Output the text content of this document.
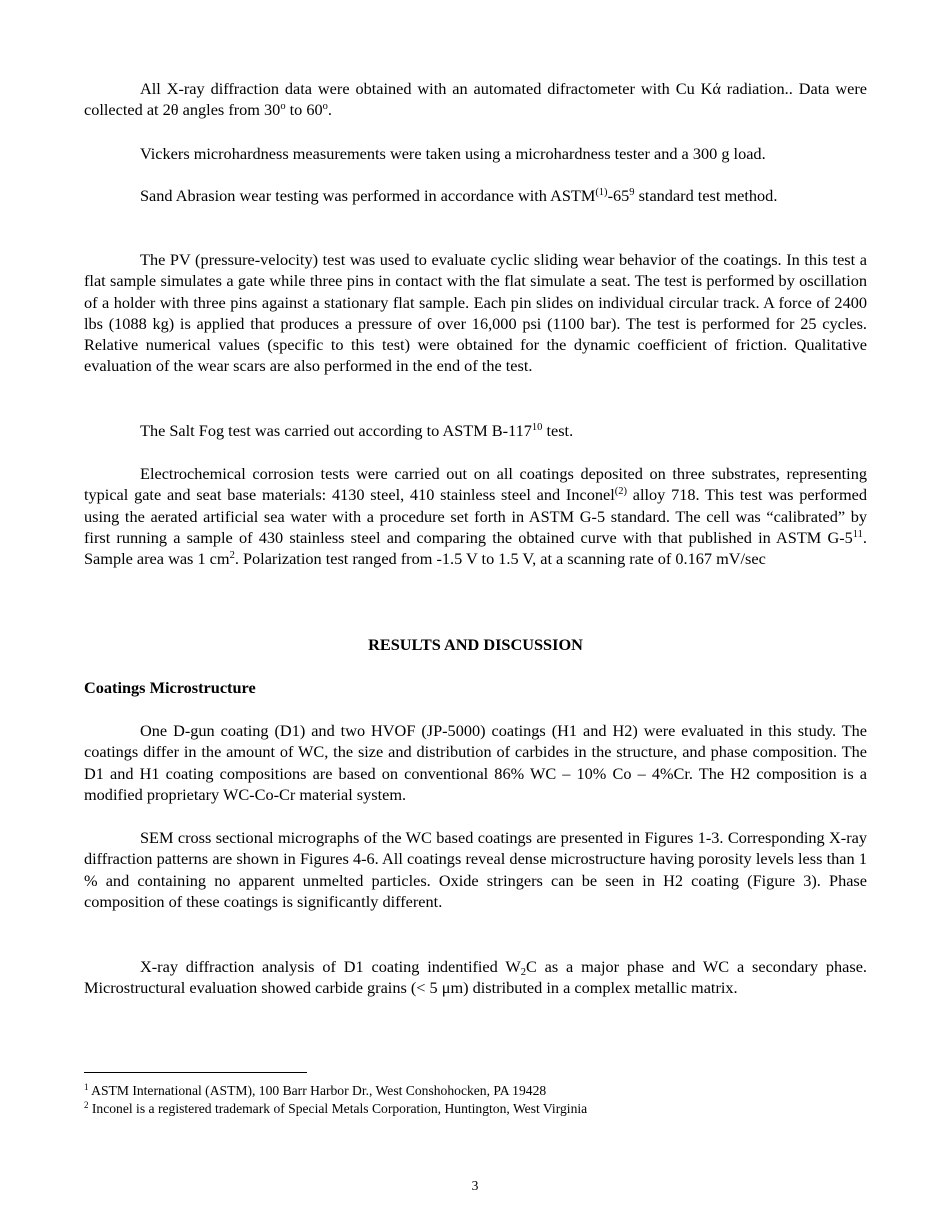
All X-ray diffraction data were obtained with an automated difractometer with Cu Kά radiation.. Data were collected at 2θ angles from 30$^o$ to 60$^o$.

Vickers microhardness measurements were taken using a microhardness tester and a 300 g load.

Sand Abrasion wear testing was performed in accordance with $ASTM^{(1)}-65^9$ standard test method.

The PV (pressure-velocity) test was used to evaluate cyclic sliding wear behavior of the coatings. In this test a flat sample simulates a gate while three pins in contact with the flat simulate a seat. The test is performed by oscillation of a holder with three pins against a stationary flat sample. Each pin slides on individual circular track. A force of 2400 lbs (1088 kg) is applied that produces a pressure of over 16,000 psi (1100 bar). The test is performed for 25 cycles. Relative numerical values (specific to this test) were obtained for the dynamic coefficient of friction. Qualitative evaluation of the wear scars are also performed in the end of the test.

The Salt Fog test was carried out according to ASTM $B-117^{10}$ test.

Electrochemical corrosion tests were carried out on all coatings deposited on three substrates, representing typical gate and seat base materials: 4130 steel, 410 stainless steel and Inconel$^{(2)}$ alloy 718. This test was performed using the aerated artificial sea water with a procedure set forth in ASTM G-5 standard. The cell was “calibrated” by first running a sample of 430 stainless steel and comparing the obtained curve with that published in ASTM $G-5^{11}$. Sample area was 1 $cm^2$. Polarization test ranged from -1.5 V to 1.5 V, at a scanning rate of 0.167 mV/sec

RESULTS AND DISCUSSION

Coatings Microstructure

One D-gun coating (D1) and two HVOF (JP-5000) coatings (H1 and H2) were evaluated in this study. The coatings differ in the amount of WC, the size and distribution of carbides in the structure, and phase composition. The D1 and H1 coating compositions are based on conventional 86% WC – 10% Co – 4%Cr. The H2 composition is a modified proprietary WC-Co-Cr material system.

SEM cross sectional micrographs of the WC based coatings are presented in Figures 1-3. Corresponding X-ray diffraction patterns are shown in Figures 4-6. All coatings reveal dense microstructure having porosity levels less than 1 % and containing no apparent unmelted particles. Oxide stringers can be seen in H2 coating (Figure 3). Phase composition of these coatings is significantly different.

X-ray diffraction analysis of D1 coating indentified $W_2C$ as a major phase and WC a secondary phase. Microstructural evaluation showed carbide grains (< 5 μm) distributed in a complex metallic matrix.

$^1$ ASTM International (ASTM), 100 Barr Harbor Dr., West Conshohocken, PA 19428
$^2$ Inconel is a registered trademark of Special Metals Corporation, Huntington, West Virginia
3
